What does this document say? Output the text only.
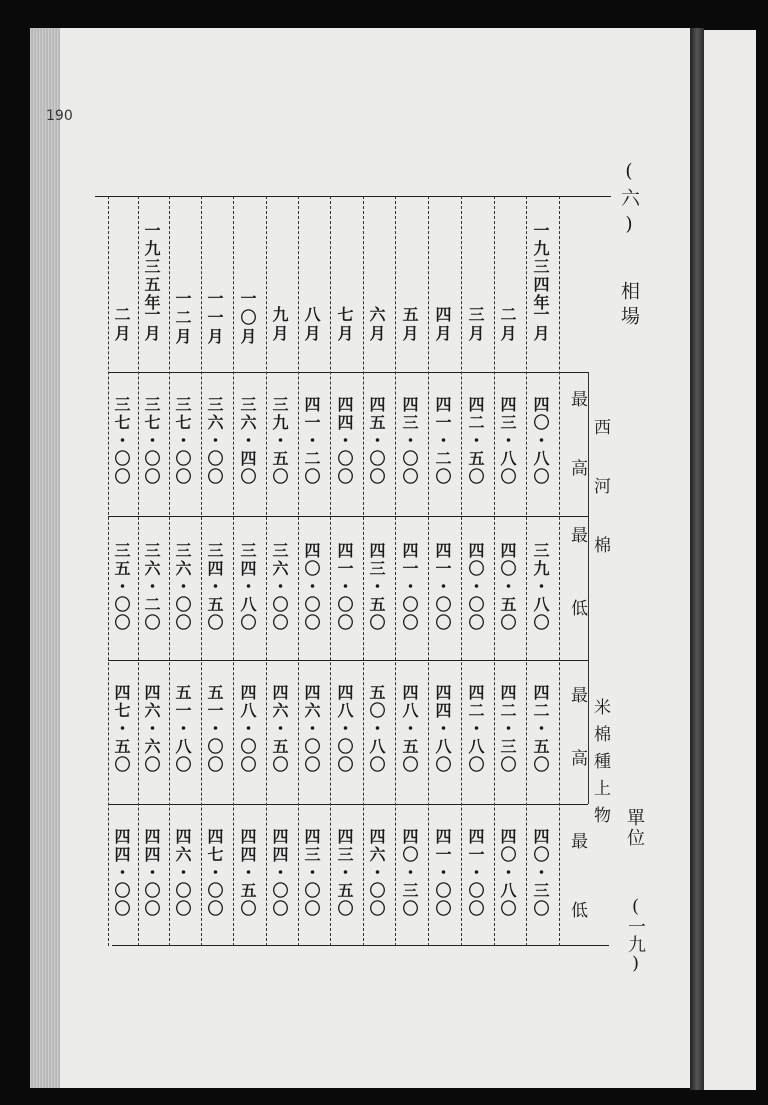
190
(六)相場
單位
(一九)
西河棉
米棉種上物
最高
最低
最高
最低
一九三四年
一月
四〇・八〇
三九・八〇
四二・五〇
四〇・三〇
二月
四三・八〇
四〇・五〇
四二・三〇
四〇・八〇
三月
四二・五〇
四〇・〇〇
四二・八〇
四一・〇〇
四月
四一・二〇
四一・〇〇
四四・八〇
四一・〇〇
五月
四三・〇〇
四一・〇〇
四八・五〇
四〇・三〇
六月
四五・〇〇
四三・五〇
五〇・八〇
四六・〇〇
七月
四四・〇〇
四一・〇〇
四八・〇〇
四三・五〇
八月
四一・二〇
四〇・〇〇
四六・〇〇
四三・〇〇
九月
三九・五〇
三六・〇〇
四六・五〇
四四・〇〇
一〇月
三六・四〇
三四・八〇
四八・〇〇
四四・五〇
一一月
三六・〇〇
三四・五〇
五一・〇〇
四七・〇〇
一二月
三七・〇〇
三六・〇〇
五一・八〇
四六・〇〇
一九三五年
一月
三七・〇〇
三六・二〇
四六・六〇
四四・〇〇
二月
三七・〇〇
三五・〇〇
四七・五〇
四四・〇〇
